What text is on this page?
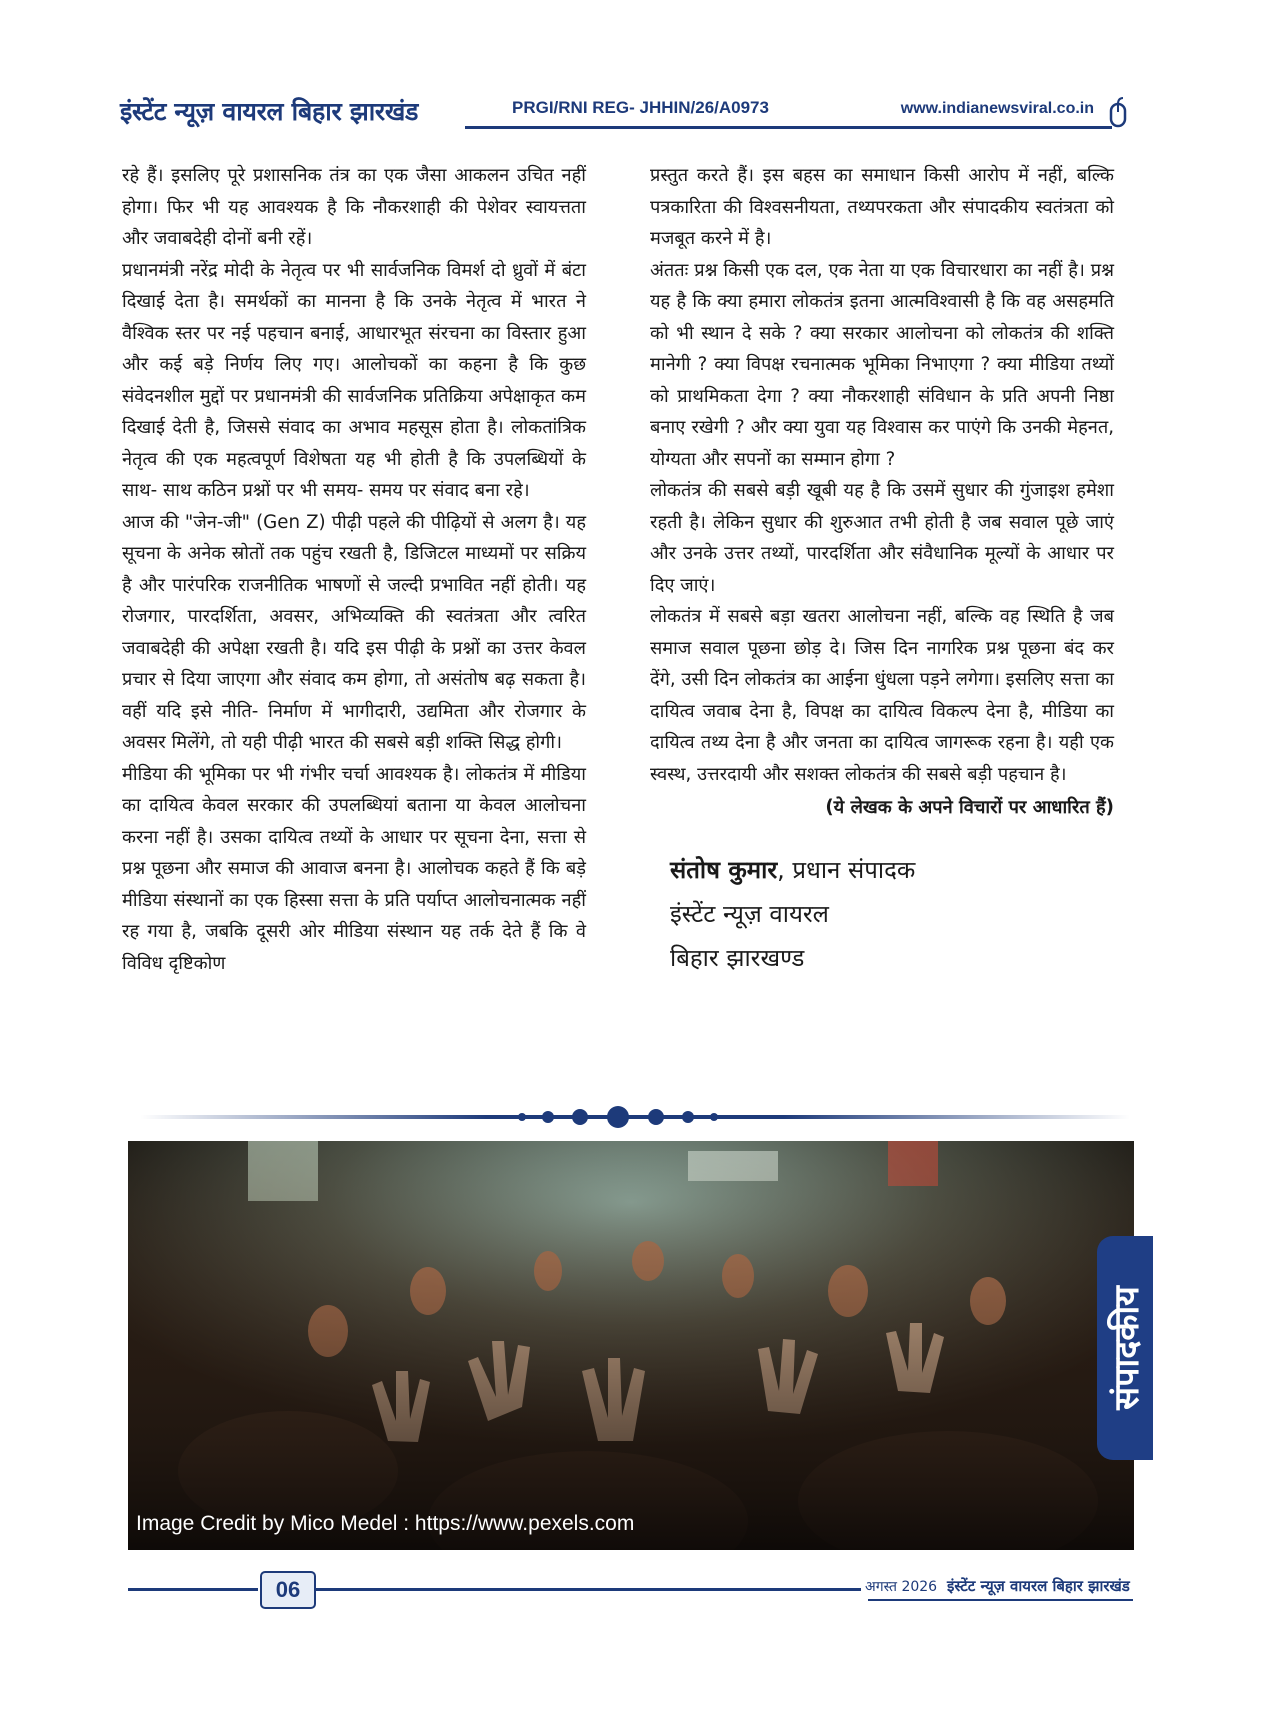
इंस्टेंट न्यूज़ वायरल बिहार झारखंड	PRGI/RNI REG- JHHIN/26/A0973	www.indianewsviral.co.in

रहे हैं। इसलिए पूरे प्रशासनिक तंत्र का एक जैसा आकलन उचित नहीं होगा। फिर भी यह आवश्यक है कि नौकरशाही की पेशेवर स्वायत्तता और जवाबदेही दोनों बनी रहें।

प्रधानमंत्री नरेंद्र मोदी के नेतृत्व पर भी सार्वजनिक विमर्श दो ध्रुवों में बंटा दिखाई देता है। समर्थकों का मानना है कि उनके नेतृत्व में भारत ने वैश्विक स्तर पर नई पहचान बनाई, आधारभूत संरचना का विस्तार हुआ और कई बड़े निर्णय लिए गए। आलोचकों का कहना है कि कुछ संवेदनशील मुद्दों पर प्रधानमंत्री की सार्वजनिक प्रतिक्रिया अपेक्षाकृत कम दिखाई देती है, जिससे संवाद का अभाव महसूस होता है। लोकतांत्रिक नेतृत्व की एक महत्वपूर्ण विशेषता यह भी होती है कि उपलब्धियों के साथ- साथ कठिन प्रश्नों पर भी समय- समय पर संवाद बना रहे।

आज की "जेन-जी" (Gen Z) पीढ़ी पहले की पीढ़ियों से अलग है। यह सूचना के अनेक स्रोतों तक पहुंच रखती है, डिजिटल माध्यमों पर सक्रिय है और पारंपरिक राजनीतिक भाषणों से जल्दी प्रभावित नहीं होती। यह रोजगार, पारदर्शिता, अवसर, अभिव्यक्ति की स्वतंत्रता और त्वरित जवाबदेही की अपेक्षा रखती है। यदि इस पीढ़ी के प्रश्नों का उत्तर केवल प्रचार से दिया जाएगा और संवाद कम होगा, तो असंतोष बढ़ सकता है। वहीं यदि इसे नीति- निर्माण में भागीदारी, उद्यमिता और रोजगार के अवसर मिलेंगे, तो यही पीढ़ी भारत की सबसे बड़ी शक्ति सिद्ध होगी।

मीडिया की भूमिका पर भी गंभीर चर्चा आवश्यक है। लोकतंत्र में मीडिया का दायित्व केवल सरकार की उपलब्धियां बताना या केवल आलोचना करना नहीं है। उसका दायित्व तथ्यों के आधार पर सूचना देना, सत्ता से प्रश्न पूछना और समाज की आवाज बनना है। आलोचक कहते हैं कि बड़े मीडिया संस्थानों का एक हिस्सा सत्ता के प्रति पर्याप्त आलोचनात्मक नहीं रह गया है, जबकि दूसरी ओर मीडिया संस्थान यह तर्क देते हैं कि वे विविध दृष्टिकोण

प्रस्तुत करते हैं। इस बहस का समाधान किसी आरोप में नहीं, बल्कि पत्रकारिता की विश्वसनीयता, तथ्यपरकता और संपादकीय स्वतंत्रता को मजबूत करने में है।

अंततः प्रश्न किसी एक दल, एक नेता या एक विचारधारा का नहीं है। प्रश्न यह है कि क्या हमारा लोकतंत्र इतना आत्मविश्वासी है कि वह असहमति को भी स्थान दे सके ? क्या सरकार आलोचना को लोकतंत्र की शक्ति मानेगी ? क्या विपक्ष रचनात्मक भूमिका निभाएगा ? क्या मीडिया तथ्यों को प्राथमिकता देगा ? क्या नौकरशाही संविधान के प्रति अपनी निष्ठा बनाए रखेगी ? और क्या युवा यह विश्वास कर पाएंगे कि उनकी मेहनत, योग्यता और सपनों का सम्मान होगा ?

लोकतंत्र की सबसे बड़ी खूबी यह है कि उसमें सुधार की गुंजाइश हमेशा रहती है। लेकिन सुधार की शुरुआत तभी होती है जब सवाल पूछे जाएं और उनके उत्तर तथ्यों, पारदर्शिता और संवैधानिक मूल्यों के आधार पर दिए जाएं।

लोकतंत्र में सबसे बड़ा खतरा आलोचना नहीं, बल्कि वह स्थिति है जब समाज सवाल पूछना छोड़ दे। जिस दिन नागरिक प्रश्न पूछना बंद कर देंगे, उसी दिन लोकतंत्र का आईना धुंधला पड़ने लगेगा। इसलिए सत्ता का दायित्व जवाब देना है, विपक्ष का दायित्व विकल्प देना है, मीडिया का दायित्व तथ्य देना है और जनता का दायित्व जागरूक रहना है। यही एक स्वस्थ, उत्तरदायी और सशक्त लोकतंत्र की सबसे बड़ी पहचान है।

(ये लेखक के अपने विचारों पर आधारित हैं)

संतोष कुमार, प्रधान संपादक
इंस्टेंट न्यूज़ वायरल
बिहार झारखण्ड
Image Credit by Mico Medel : https://www.pexels.com
संपादकीय
06	अगस्त 2026 इंस्टेंट न्यूज़ वायरल बिहार झारखंड
